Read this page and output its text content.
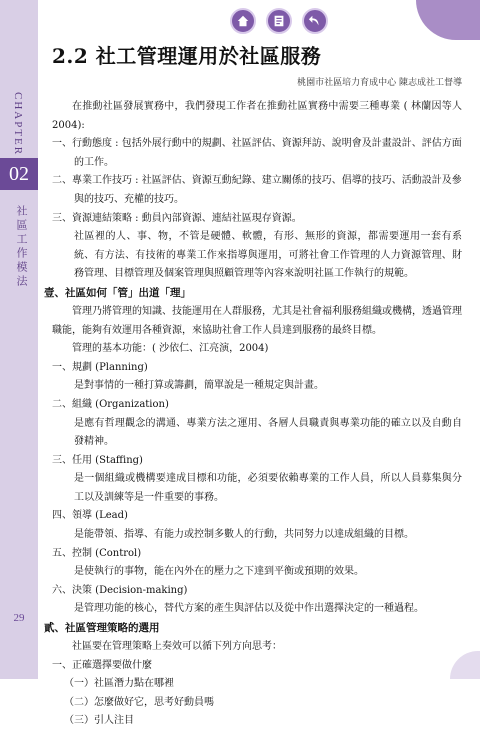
CHAPTER
02
社區工作模法
29
2.2 社工管理運用於社區服務
桃園市社區培力育成中心 陳志成社工督導
在推動社區發展實務中，我們發現工作者在推動社區實務中需要三種專業 ( 林蘭因等人 2004):
一、行動態度 : 包括外展行動中的規劃、社區評估、資源拜訪、說明會及計畫設計、評估方面的工作。
二、專業工作技巧 : 社區評估、資源互動紀錄、建立關係的技巧、倡導的技巧、活動設計及參與的技巧、充權的技巧。
三、資源連結策略 : 動員內部資源、連結社區現存資源。
社區裡的人、事、物，不管是硬體、軟體，有形、無形的資源，都需要運用一套有系統、有方法、有技術的專業工作來指導與運用，可將社會工作管理的人力資源管理、財 務管理、目標管理及個案管理與照顧管理等內容來說明社區工作執行的規範。
壹、社區如何「管」出道「理」
管理乃將管理的知識、技能運用在人群服務，尤其是社會福利服務組織或機構，透過管理職能，能夠有效運用各種資源，來協助社會工作人員達到服務的最終目標。
管理的基本功能：( 沙依仁、江亮演，2004)
一、規劃 (Planning)
是對事情的一種打算或籌劃，簡單說是一種規定與計畫。
二、組織 (Organization)
是應有哲理觀念的溝通、專業方法之運用、各層人員職責與專業功能的確立以及自動自發精神。
三、任用 (Staffing)
是一個組織或機構要達成目標和功能，必須要依賴專業的工作人員，所以人員募集與分工以及訓練等是一件重要的事務。
四、領導 (Lead)
是能帶領、指導、有能力或控制多數人的行動，共同努力以達成組織的目標。
五、控制 (Control)
是使執行的事物，能在內外在的壓力之下達到平衡或預期的效果。
六、決策 (Decision-making)
是管理功能的核心，替代方案的產生與評估以及從中作出選擇決定的一種過程。
貳、社區管理策略的選用
社區要在管理策略上奏效可以循下列方向思考：
一、正確選擇要做什麼
（一）社區潛力點在哪裡
（二）怎麼做好它，思考好動員嗎
（三）引人注目
